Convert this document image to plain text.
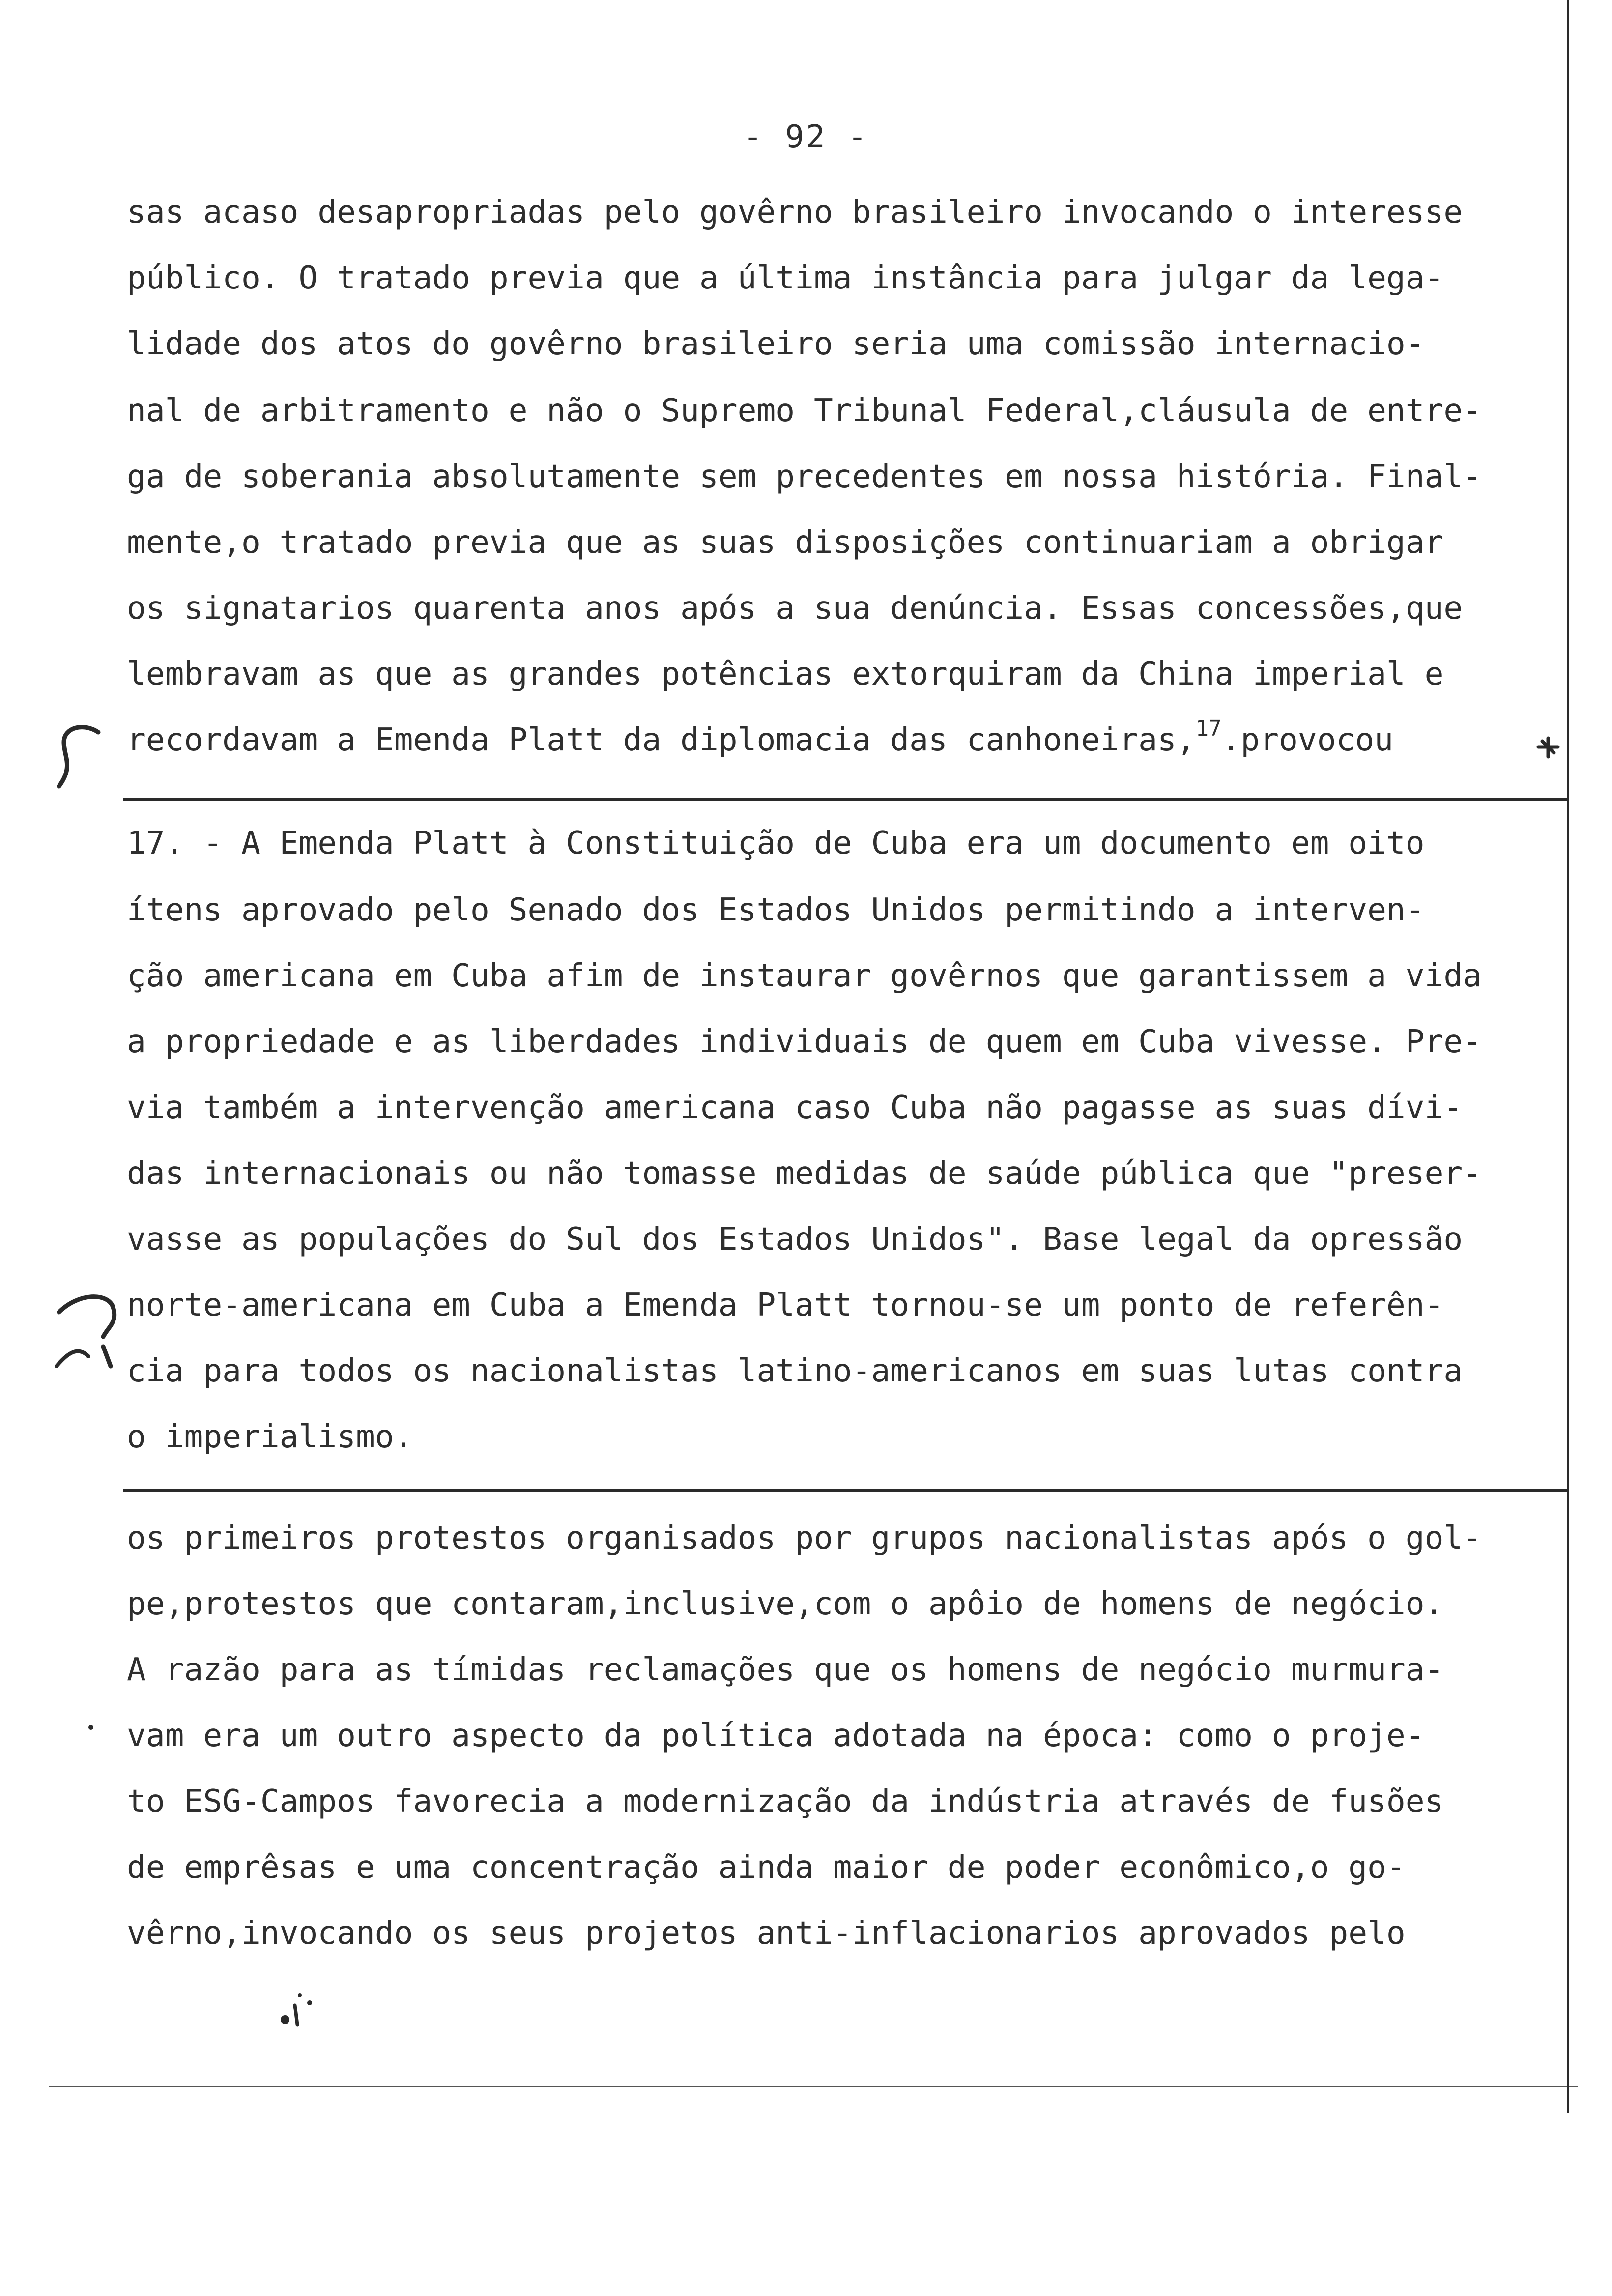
- 92 -
sas acaso desapropriadas pelo govêrno brasileiro invocando o interesse
público. O tratado previa que a última instância para julgar da lega-
lidade dos atos do govêrno brasileiro seria uma comissão internacio-
nal de arbitramento e não o Supremo Tribunal Federal,cláusula de entre-
ga de soberania absolutamente sem precedentes em nossa história. Final-
mente,o tratado previa que as suas disposições continuariam a obrigar
os signatarios quarenta anos após a sua denúncia. Essas concessões,que
lembravam as que as grandes potências extorquiram da China imperial e
recordavam a Emenda Platt da diplomacia das canhoneiras,$^{17}$.provocou
17. - A Emenda Platt à Constituição de Cuba era um documento em oito
ítens aprovado pelo Senado dos Estados Unidos permitindo a interven-
ção americana em Cuba afim de instaurar govêrnos que garantissem a vida
a propriedade e as liberdades individuais de quem em Cuba vivesse. Pre-
via também a intervenção americana caso Cuba não pagasse as suas dívi-
das internacionais ou não tomasse medidas de saúde pública que "preser-
vasse as populações do Sul dos Estados Unidos". Base legal da opressão
norte-americana em Cuba a Emenda Platt tornou-se um ponto de referên-
cia para todos os nacionalistas latino-americanos em suas lutas contra
o imperialismo.
os primeiros protestos organisados por grupos nacionalistas após o gol-
pe,protestos que contaram,inclusive,com o apôio de homens de negócio.
A razão para as tímidas reclamações que os homens de negócio murmura-
vam era um outro aspecto da política adotada na época: como o proje-
to ESG-Campos favorecia a modernização da indústria através de fusões
de emprêsas e uma concentração ainda maior de poder econômico,o go-
vêrno,invocando os seus projetos anti-inflacionarios aprovados pelo
